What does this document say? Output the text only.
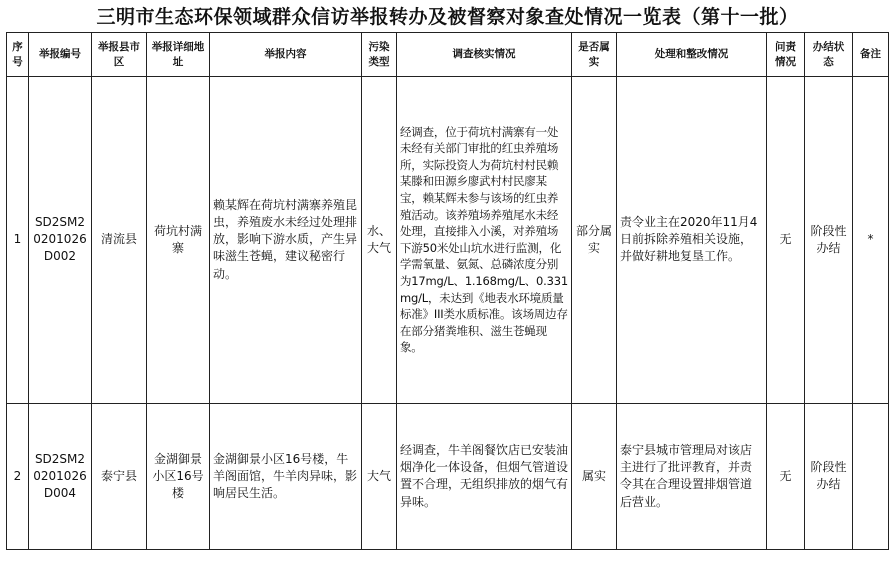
三明市生态环保领域群众信访举报转办及被督察对象查处情况一览表（第十一批）
序号	举报编号	举报县市区	举报详细地址	举报内容	污染类型	调查核实情况	是否属实	处理和整改情况	问责情况	办结状态	备注
1	SD2SM20201026D002	清流县	荷坑村满寨	赖某辉在荷坑村满寨养殖昆虫，养殖废水未经过处理排放，影响下游水质，产生异味滋生苍蝇，建议秘密行动。	水、大气	经调查，位于荷坑村满寨有一处未经有关部门审批的红虫养殖场所，实际投资人为荷坑村村民赖某滕和田源乡廖武村村民廖某宝，赖某辉未参与该场的红虫养殖活动。该养殖场养殖尾水未经处理，直接排入小溪，对养殖场下游50米处山坑水进行监测，化学需氧量、氨氮、总磷浓度分别为17mg/L、1.168mg/L、0.331mg/L，未达到《地表水环境质量标准》III类水质标准。该场周边存在部分猪粪堆积、滋生苍蝇现象。	部分属实	责令业主在2020年11月4日前拆除养殖相关设施，并做好耕地复垦工作。	无	阶段性办结	*
2	SD2SM20201026D004	泰宁县	金湖御景小区16号楼	金湖御景小区16号楼，牛羊阁面馆，牛羊肉异味，影响居民生活。	大气	经调查，牛羊阁餐饮店已安装油烟净化一体设备，但烟气管道设置不合理，无组织排放的烟气有异味。	属实	泰宁县城市管理局对该店主进行了批评教育，并责令其在合理设置排烟管道后营业。	无	阶段性办结	
